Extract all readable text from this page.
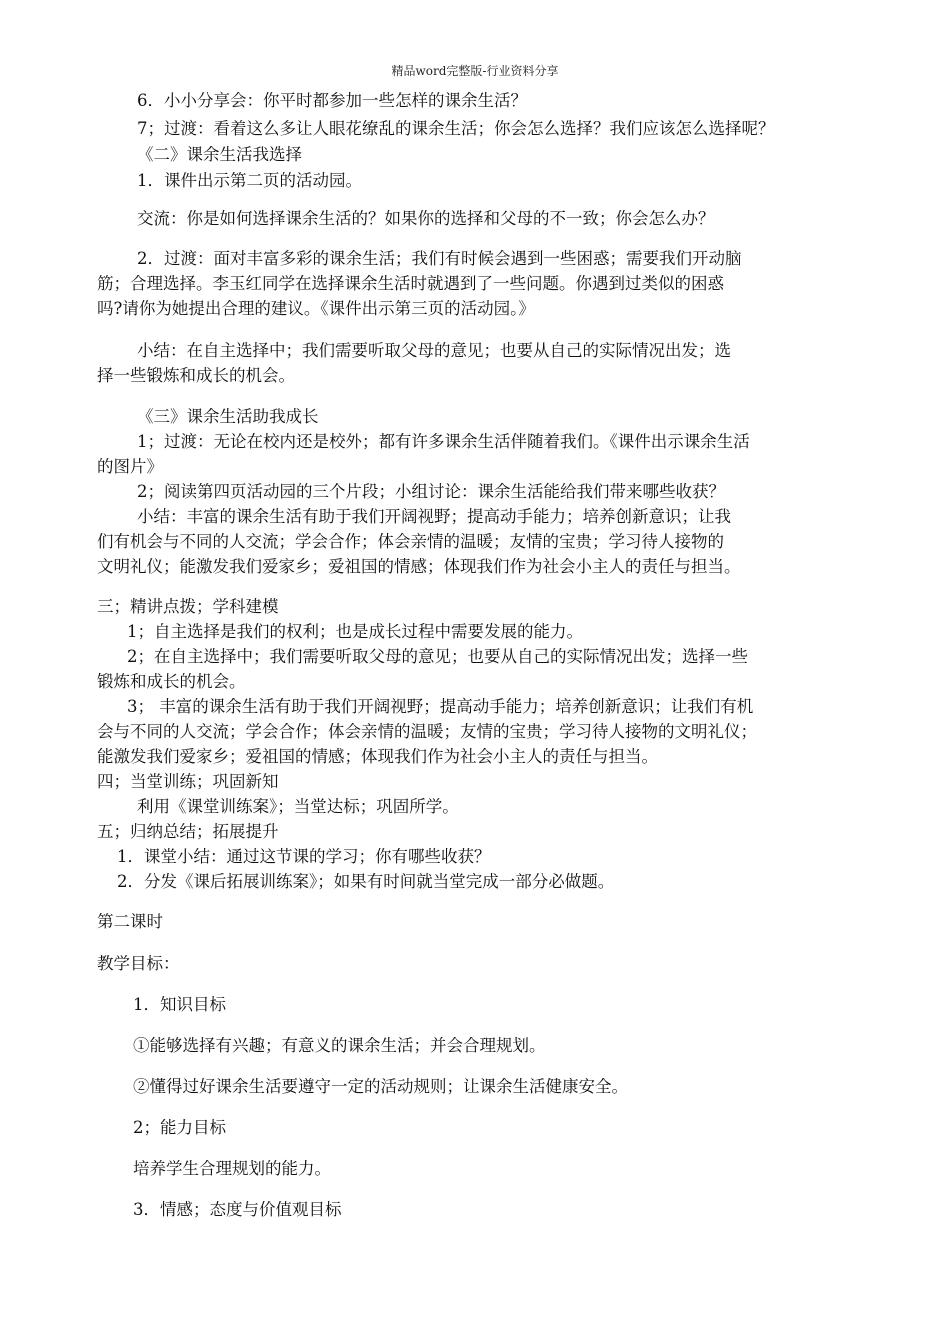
精品word完整版-行业资料分享
6．小小分享会：你平时都参加一些怎样的课余生活？
7；过渡：看着这么多让人眼花缭乱的课余生活；你会怎么选择？我们应该怎么选择呢？
《二》课余生活我选择
1．课件出示第二页的活动园。
交流：你是如何选择课余生活的？如果你的选择和父母的不一致；你会怎么办？
2．过渡：面对丰富多彩的课余生活；我们有时候会遇到一些困惑；需要我们开动脑
筋；合理选择。李玉红同学在选择课余生活时就遇到了一些问题。你遇到过类似的困惑
吗?请你为她提出合理的建议。《课件出示第三页的活动园。》
小结：在自主选择中；我们需要听取父母的意见；也要从自己的实际情况出发；选
择一些锻炼和成长的机会。
《三》课余生活助我成长
1；过渡：无论在校内还是校外；都有许多课余生活伴随着我们。《课件出示课余生活
的图片》
2；阅读第四页活动园的三个片段；小组讨论：课余生活能给我们带来哪些收获？
小结：丰富的课余生活有助于我们开阔视野；提高动手能力；培养创新意识；让我
们有机会与不同的人交流；学会合作；体会亲情的温暖；友情的宝贵；学习待人接物的
文明礼仪；能激发我们爱家乡；爱祖国的情感；体现我们作为社会小主人的责任与担当。
三；精讲点拨；学科建模
1；自主选择是我们的权利；也是成长过程中需要发展的能力。
2；在自主选择中；我们需要听取父母的意见；也要从自己的实际情况出发；选择一些
锻炼和成长的机会。
3； 丰富的课余生活有助于我们开阔视野；提高动手能力；培养创新意识；让我们有机
会与不同的人交流；学会合作；体会亲情的温暖；友情的宝贵；学习待人接物的文明礼仪；
能激发我们爱家乡；爱祖国的情感；体现我们作为社会小主人的责任与担当。
四；当堂训练；巩固新知
利用《课堂训练案》；当堂达标；巩固所学。
五；归纳总结；拓展提升
1．课堂小结：通过这节课的学习；你有哪些收获？
2．分发《课后拓展训练案》；如果有时间就当堂完成一部分必做题。
第二课时
教学目标：
1．知识目标
①能够选择有兴趣；有意义的课余生活；并会合理规划。
②懂得过好课余生活要遵守一定的活动规则；让课余生活健康安全。
2；能力目标
培养学生合理规划的能力。
3．情感；态度与价值观目标
